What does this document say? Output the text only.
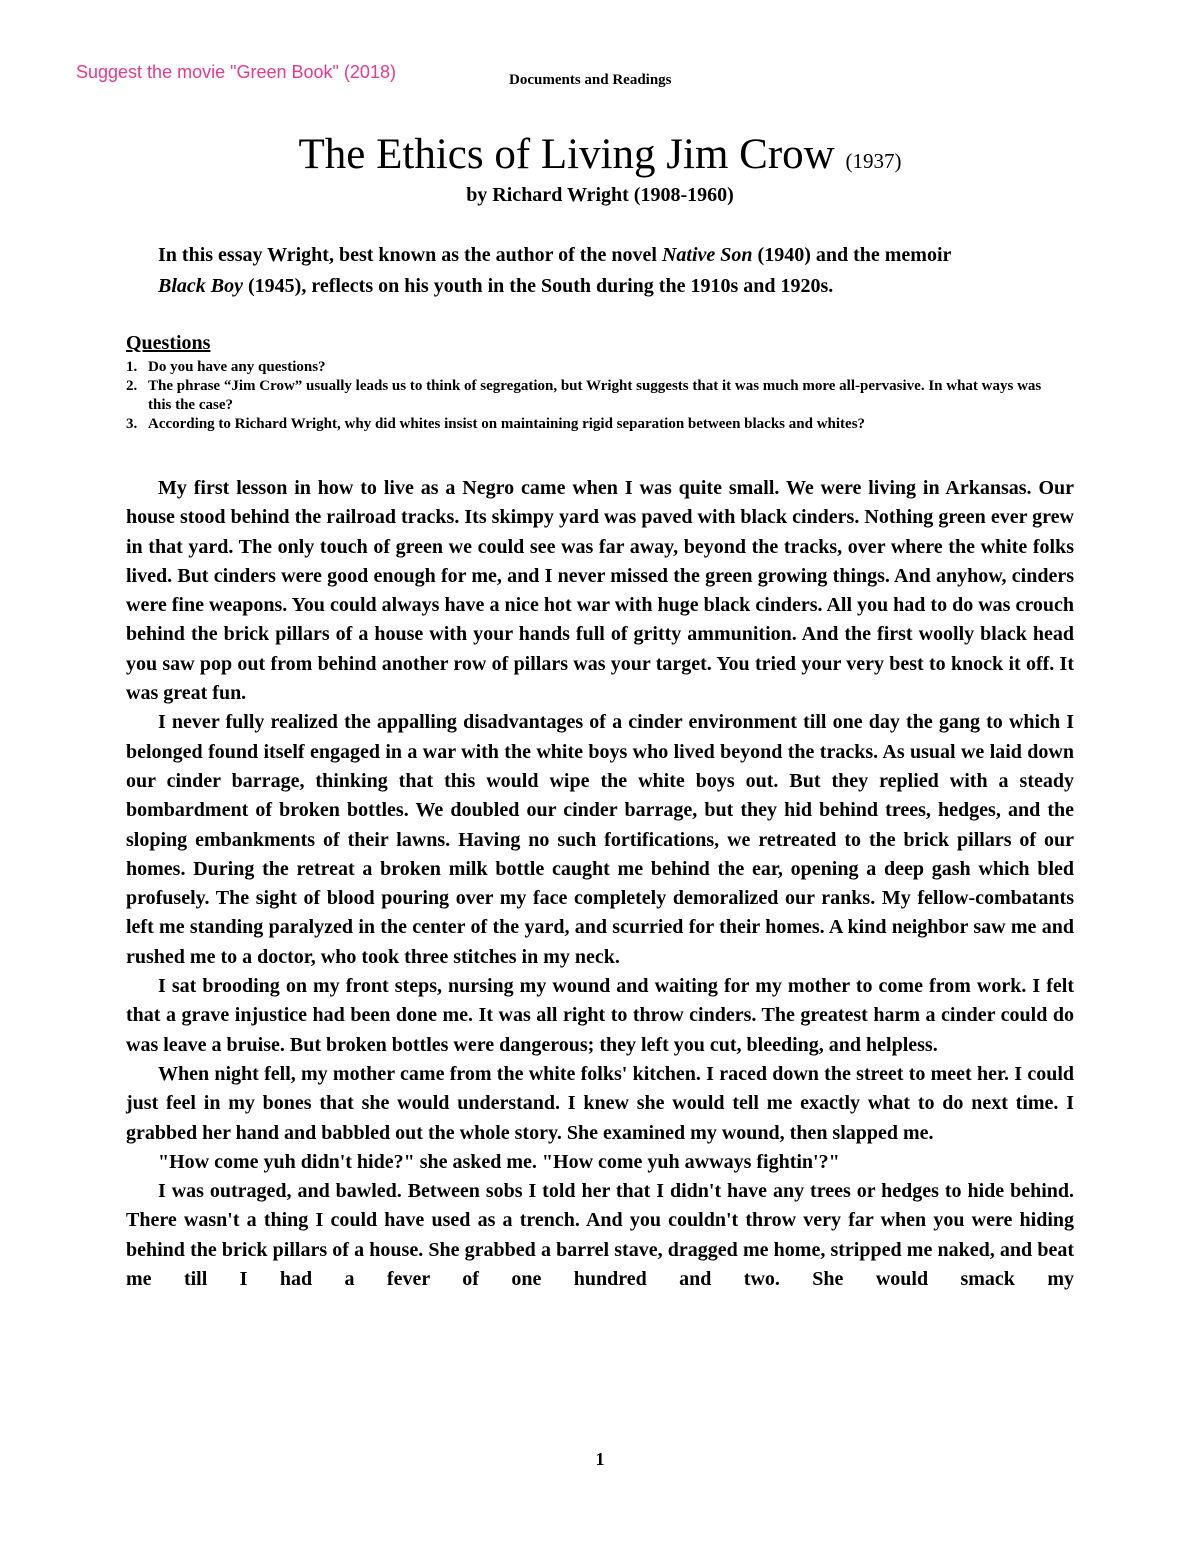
Suggest the movie "Green Book" (2018)	Documents and Readings
The Ethics of Living Jim Crow (1937)
by Richard Wright (1908-1960)
In this essay Wright, best known as the author of the novel Native Son (1940) and the memoir
Black Boy (1945), reflects on his youth in the South during the 1910s and 1920s.
Questions
1. Do you have any questions?
2. The phrase “Jim Crow” usually leads us to think of segregation, but Wright suggests that it was much more all-pervasive. In what ways was this the case?
3. According to Richard Wright, why did whites insist on maintaining rigid separation between blacks and whites?

My first lesson in how to live as a Negro came when I was quite small. We were living in Arkansas. Our house stood behind the railroad tracks. Its skimpy yard was paved with black cinders. Nothing green ever grew in that yard. The only touch of green we could see was far away, beyond the tracks, over where the white folks lived. But cinders were good enough for me, and I never missed the green growing things. And anyhow, cinders were fine weapons. You could always have a nice hot war with huge black cinders. All you had to do was crouch behind the brick pillars of a house with your hands full of gritty ammunition. And the first woolly black head you saw pop out from behind another row of pillars was your target. You tried your very best to knock it off. It was great fun.

I never fully realized the appalling disadvantages of a cinder environment till one day the gang to which I belonged found itself engaged in a war with the white boys who lived beyond the tracks. As usual we laid down our cinder barrage, thinking that this would wipe the white boys out. But they replied with a steady bombardment of broken bottles. We doubled our cinder barrage, but they hid behind trees, hedges, and the sloping embankments of their lawns. Having no such fortifications, we retreated to the brick pillars of our homes. During the retreat a broken milk bottle caught me behind the ear, opening a deep gash which bled profusely. The sight of blood pouring over my face completely demoralized our ranks. My fellow-combatants left me standing paralyzed in the center of the yard, and scurried for their homes. A kind neighbor saw me and rushed me to a doctor, who took three stitches in my neck.

I sat brooding on my front steps, nursing my wound and waiting for my mother to come from work. I felt that a grave injustice had been done me. It was all right to throw cinders. The greatest harm a cinder could do was leave a bruise. But broken bottles were dangerous; they left you cut, bleeding, and helpless.

When night fell, my mother came from the white folks' kitchen. I raced down the street to meet her. I could just feel in my bones that she would understand. I knew she would tell me exactly what to do next time. I grabbed her hand and babbled out the whole story. She examined my wound, then slapped me.

"How come yuh didn't hide?" she asked me. "How come yuh awways fightin'?"

I was outraged, and bawled. Between sobs I told her that I didn't have any trees or hedges to hide behind. There wasn't a thing I could have used as a trench. And you couldn't throw very far when you were hiding behind the brick pillars of a house. She grabbed a barrel stave, dragged me home, stripped me naked, and beat me till I had a fever of one hundred and two. She would smack my

1
